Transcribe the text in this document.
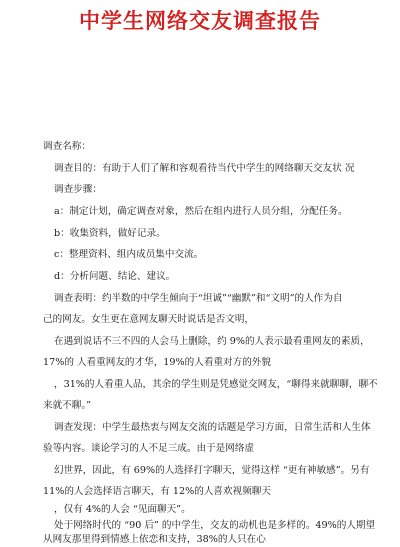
中学生网络交友调查报告
调查名称：
调查目的：有助于人们了解和容观看待当代中学生的网络聊天交友状 况
调查步骤：
a：制定计划，确定调查对象，然后在组内进行人员分组，分配任务。
b：收集资料，做好记录。
c：整理资料、组内成员集中交流。
d：分析问题、结论、建议。
调查表明：约半数的中学生倾向于“坦诚”“幽默”和“文明”的人作为自
己的网友。女生更在意网友聊天时说话是否文明，
在遇到说话不三不四的人会马上删除，约 9%的人表示最看重网友的素质，
17%的 人看重网友的才华，19%的人看重对方的外貌
，31%的人看重人品，其余的学生则是凭感觉交网友，“聊得来就聊聊，聊不
来就不聊。”
调查发现：中学生最热衷与网友交流的话题是学习方面，日常生活和人生体
验等内容。谈论学习的人不足三成。由于是网络虚
幻世界，因此，有 69%的人选择打字聊天，觉得这样 “更有神敏感”。另有
11%的人会选择语言聊天，有 12%的人喜欢视频聊天
，仅有 4%的人会 “见面聊天”。
处于网络时代的 “90 后” 的中学生，交友的动机也是多样的。49%的人期望
从网友那里得到情感上依恋和支持，38%的人只在心
